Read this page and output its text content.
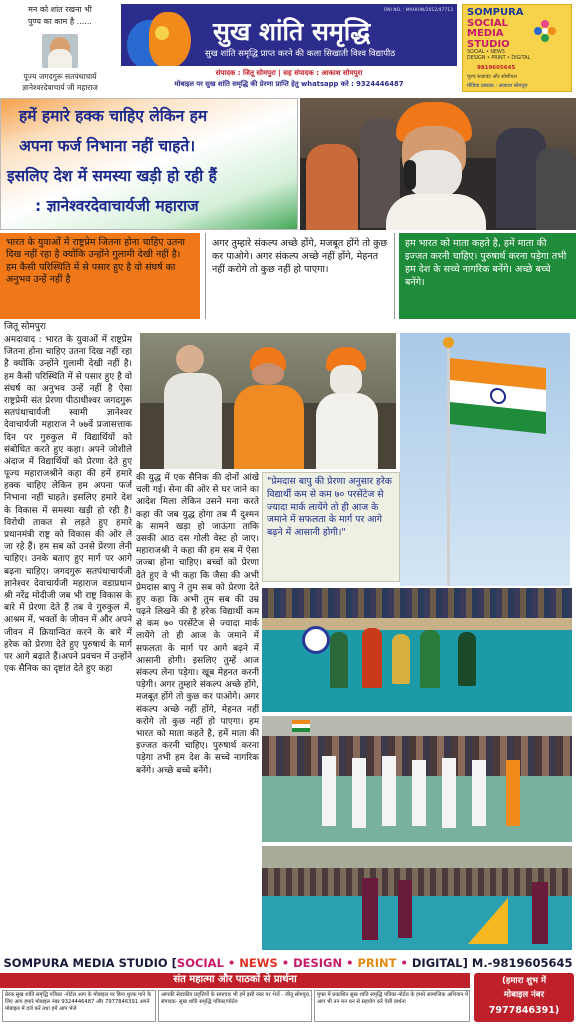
मन को शांत रखना भी
पुण्य का काम है ......
पूज्य जगदगुरू सतपंथाचार्य
ज्ञानेश्वरदेवाचार्य जी महाराज
RNI NO. : MAHHIN/2012/47713
सुख शांति समृद्धि
सुख शांति समृद्धि प्राप्त करने की कला सिखाती विश्व विद्यापीठ
संपादक : जितू सोमपुरा | सह संपादक : आकाश सोमपुरा
मोबाइल पर सुख शांति समृद्धि की प्रेरणा प्राप्ति हेतु whatsapp करे : 9324446487
SOMPURA
SOCIAL
MEDIA
STUDIO
SOCIAL • NEWS
DESIGN • PRINT • DIGITAL
9819605645
पूज्य सजावट और सोशीयल
मीडिया प्रबंधक : आकाश सोमपुरा
हमें हमारे हक्क चाहिए लेकिन हम
अपना फर्ज निभाना नहीं चाहते।
इसलिए देश में समस्या खड़ी हो रही हैं
: ज्ञानेश्वरदेवाचार्यजी महाराज
भारत के युवाओं में राष्ट्रप्रेम जितना होना चाहिए उतना दिख नहीं रहा है क्योंकि उन्होंने गुलामी देखी नहीं है। हम कैसी परिस्थिति में से पसार हुए है वो संघर्ष का अनुभव उन्हें नहीं है
अगर तुम्हारे संकल्प अच्छे होंगे, मजबूत होंगे तो कुछ कर पाओगे। अगर संकल्प अच्छे नहीं होंगे, मेहनत नहीं करोगे तो कुछ नहीं हो पाएगा।
हम भारत को माता कहते है, हमें माता की इज्जत करनी चाहिए। पुरुषार्थ करना पड़ेगा तभी हम देश के सच्चे नागरिक बनेंगे। अच्छे बच्चे बनेंगे।
जितू सोमपुरा
अमदावाद : भारत के युवाओं में राष्ट्रप्रेम जितना होना चाहिए उतना दिख नहीं रहा है क्योंकि उन्होंने गुलामी देखी नहीं है। हम कैसी परिस्थिति में से पसार हुए है वो संघर्ष का अनुभव उन्हें नहीं है ऐसा राष्ट्रप्रेमी संत प्रेरणा पीठाधीश्वर जगदगुरू सतपंथाचार्यजी स्वामी ज्ञानेश्वर देवाचार्यजी महाराज ने ७७वें प्रजासत्ताक दिन पर गुरुकुल में विद्यार्थियों को संबोधित करते हुए कहा। अपने जोशीले अंदाज में विद्यार्थियों को प्रेरणा देते हुए पूज्य महाराजश्रीने कहा की हमें हमारे हक्क चाहिए लेकिन हम अपना फर्ज निभाना नहीं चाहते। इसलिए हमारे देश के विकास में समस्या खड़ी हो रही है। विरोधी ताकत से लड़ते हुए हमारे प्रधानमंत्री राष्ट्र को विकास की ओर ले जा रहे हैं। हम सब को उनसे प्रेरणा लेनी चाहिए। उनके बताए हुए मार्ग पर आगे बढ़ना चाहिए। जगदगुरू सतपंथाचार्यजी ज्ञानेश्वर देवाचार्यजी महाराज वडाप्रधान श्री नरेंद्र मोदीजी जब भी राष्ट्र विकास के बारे में प्रेरणा देते हैं तब वे गुरुकुल में, आश्रम में, भक्तों के जीवन में और अपने जीवन में क्रियान्वित करने के बारे में हरेक को प्रेरणा देते हुए पुरुषार्थ के मार्ग पर आगे बढ़ाते हैं।अपने प्रवचन में उन्होंने एक सैनिक का दृष्टांत देते हुए कहा
"प्रेमदास बापु की प्रेरणा अनुसार हरेक विद्यार्थी कम से कम ७० परसेंटेज से ज्यादा मार्क लायेंगे तो ही आज के जमाने में सफलता के मार्ग पर आगे बढ़ने में आसानी होगी।"
की युद्ध में एक सैनिक की दोनों आंखे चली गई। सेना की ओर से घर जाने का आदेश मिला लेकिन उसने मना करते कहा की जब युद्ध होगा तब मैं दुश्मन के सामने खड़ा हो जाऊंगा ताकि उसकी आठ दस गोली वेस्ट हो जाए। महाराजश्री ने कहा की हम सब में ऐसा जज्बा होना चाहिए। बच्चों को प्रेरणा देते हुए वे भी कहा कि जैसा की अभी प्रेमदास बापु ने तुम सब को प्रेरणा देते हुए कहा कि अभी तुम सब की उम्र पढ़ने लिखने की है हरेक विद्यार्थी कम से कम ७० परसेंटेज से ज्यादा मार्क लायेंगे तो ही आज के जमाने में सफलता के मार्ग पर आगे बढ़ने में आसानी होगी। इसलिए तुम्हें आज संकल्प लेना पड़ेगा। खूब मेहनत करनी पड़ेगी। अगर तुम्हारे संकल्प अच्छे होंगे, मजबूत होंगे तो कुछ कर पाओगे। अगर संकल्प अच्छे नहीं होंगे, मेहनत नहीं करोगे तो कुछ नहीं हो पाएगा। हम भारत को माता कहते है, हमें माता की इज्जत करनी चाहिए। पुरुषार्थ करना पड़ेगा तभी हम देश के सच्चे नागरिक बनेंगे। अच्छे बच्चे बनेंगे।
SOMPURA MEDIA STUDIO [SOCIAL • NEWS • DESIGN • PRINT • DIGITAL] M.-9819605645
संत महात्मा और पाठकों से प्रार्थना
प्रेरक सुख शांति समृद्धि पत्रिका -पोर्टल आप के मोबाइल पर बिना शुल्क पाने के लिए आप हमारे मोबाइल नंबर 9324446487 और 7977846391 अपने मोबाइल में दर्ज करें तथा हमें आप भेजे
आपकी सेवाकीय प्रवृत्तियों के समाचार भी हमें इसी नंबर पर भेजें - जीतू सोमपुरा, संपादक- सुख शांति समृद्धि पत्रिका/पोर्टल
मुफ्त में प्रकाशित सुख शांति समृद्धि पत्रिका-पोर्टल के हमारे सामाजिक अभियान में आप भी तन मन धन से सहयोग करें ऐसी प्रार्थना
(हमारा शुभ में
मोबाइल नंबर
7977846391)
